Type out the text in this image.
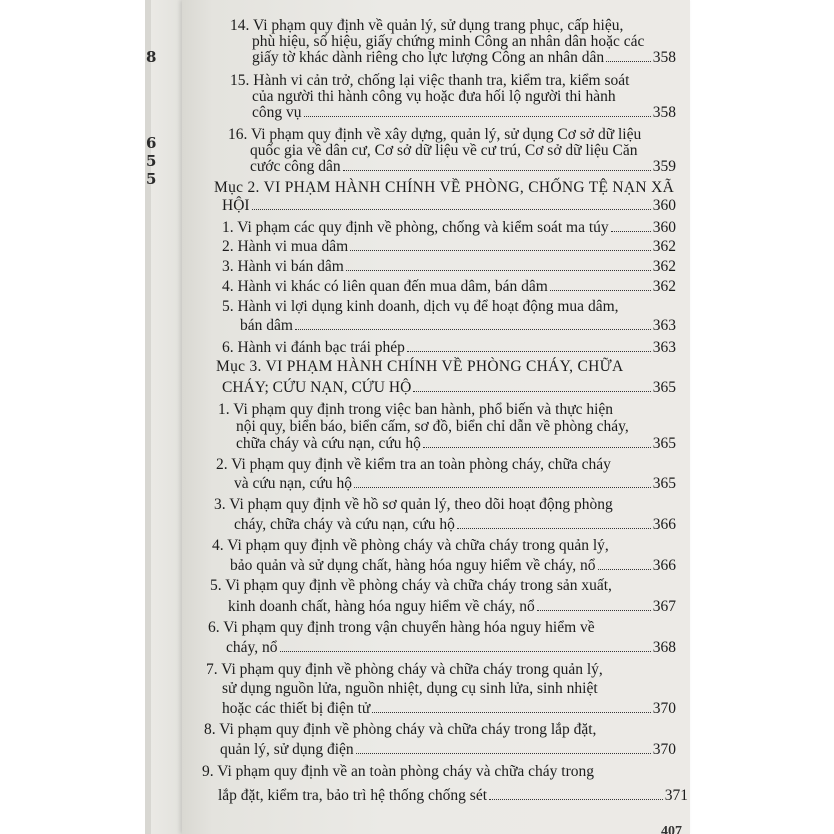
8
6
5
5
14. Vi phạm quy định về quản lý, sử dụng trang phục, cấp hiệu,
phù hiệu, số hiệu, giấy chứng minh Công an nhân dân hoặc các
giấy tờ khác dành riêng cho lực lượng Công an nhân dân	358
15. Hành vi cản trở, chống lại việc thanh tra, kiểm tra, kiểm soát
của người thi hành công vụ hoặc đưa hối lộ người thi hành
công vụ	358
16. Vi phạm quy định về xây dựng, quản lý, sử dụng Cơ sở dữ liệu
quốc gia về dân cư, Cơ sở dữ liệu về cư trú, Cơ sở dữ liệu Căn
cước công dân	359
Mục 2. VI PHẠM HÀNH CHÍNH VỀ PHÒNG, CHỐNG TỆ NẠN XÃ
HỘI	360
1. Vi phạm các quy định về phòng, chống và kiểm soát ma túy	360
2. Hành vi mua dâm	362
3. Hành vi bán dâm	362
4. Hành vi khác có liên quan đến mua dâm, bán dâm	362
5. Hành vi lợi dụng kinh doanh, dịch vụ để hoạt động mua dâm,
bán dâm	363
6. Hành vi đánh bạc trái phép	363
Mục 3. VI PHẠM HÀNH CHÍNH VỀ PHÒNG CHÁY, CHỮA
CHÁY; CỨU NẠN, CỨU HỘ	365
1. Vi phạm quy định trong việc ban hành, phổ biến và thực hiện
nội quy, biển báo, biển cấm, sơ đồ, biển chỉ dẫn về phòng cháy,
chữa cháy và cứu nạn, cứu hộ	365
2. Vi phạm quy định về kiểm tra an toàn phòng cháy, chữa cháy
và cứu nạn, cứu hộ	365
3. Vi phạm quy định về hồ sơ quản lý, theo dõi hoạt động phòng
cháy, chữa cháy và cứu nạn, cứu hộ	366
4. Vi phạm quy định về phòng cháy và chữa cháy trong quản lý,
bảo quản và sử dụng chất, hàng hóa nguy hiểm về cháy, nổ	366
5. Vi phạm quy định về phòng cháy và chữa cháy trong sản xuất,
kinh doanh chất, hàng hóa nguy hiểm về cháy, nổ	367
6. Vi phạm quy định trong vận chuyển hàng hóa nguy hiểm về
cháy, nổ	368
7. Vi phạm quy định về phòng cháy và chữa cháy trong quản lý,
sử dụng nguồn lửa, nguồn nhiệt, dụng cụ sinh lửa, sinh nhiệt
hoặc các thiết bị điện tử	370
8. Vi phạm quy định về phòng cháy và chữa cháy trong lắp đặt,
quản lý, sử dụng điện	370
9. Vi phạm quy định về an toàn phòng cháy và chữa cháy trong
lắp đặt, kiểm tra, bảo trì hệ thống chống sét	371
407
